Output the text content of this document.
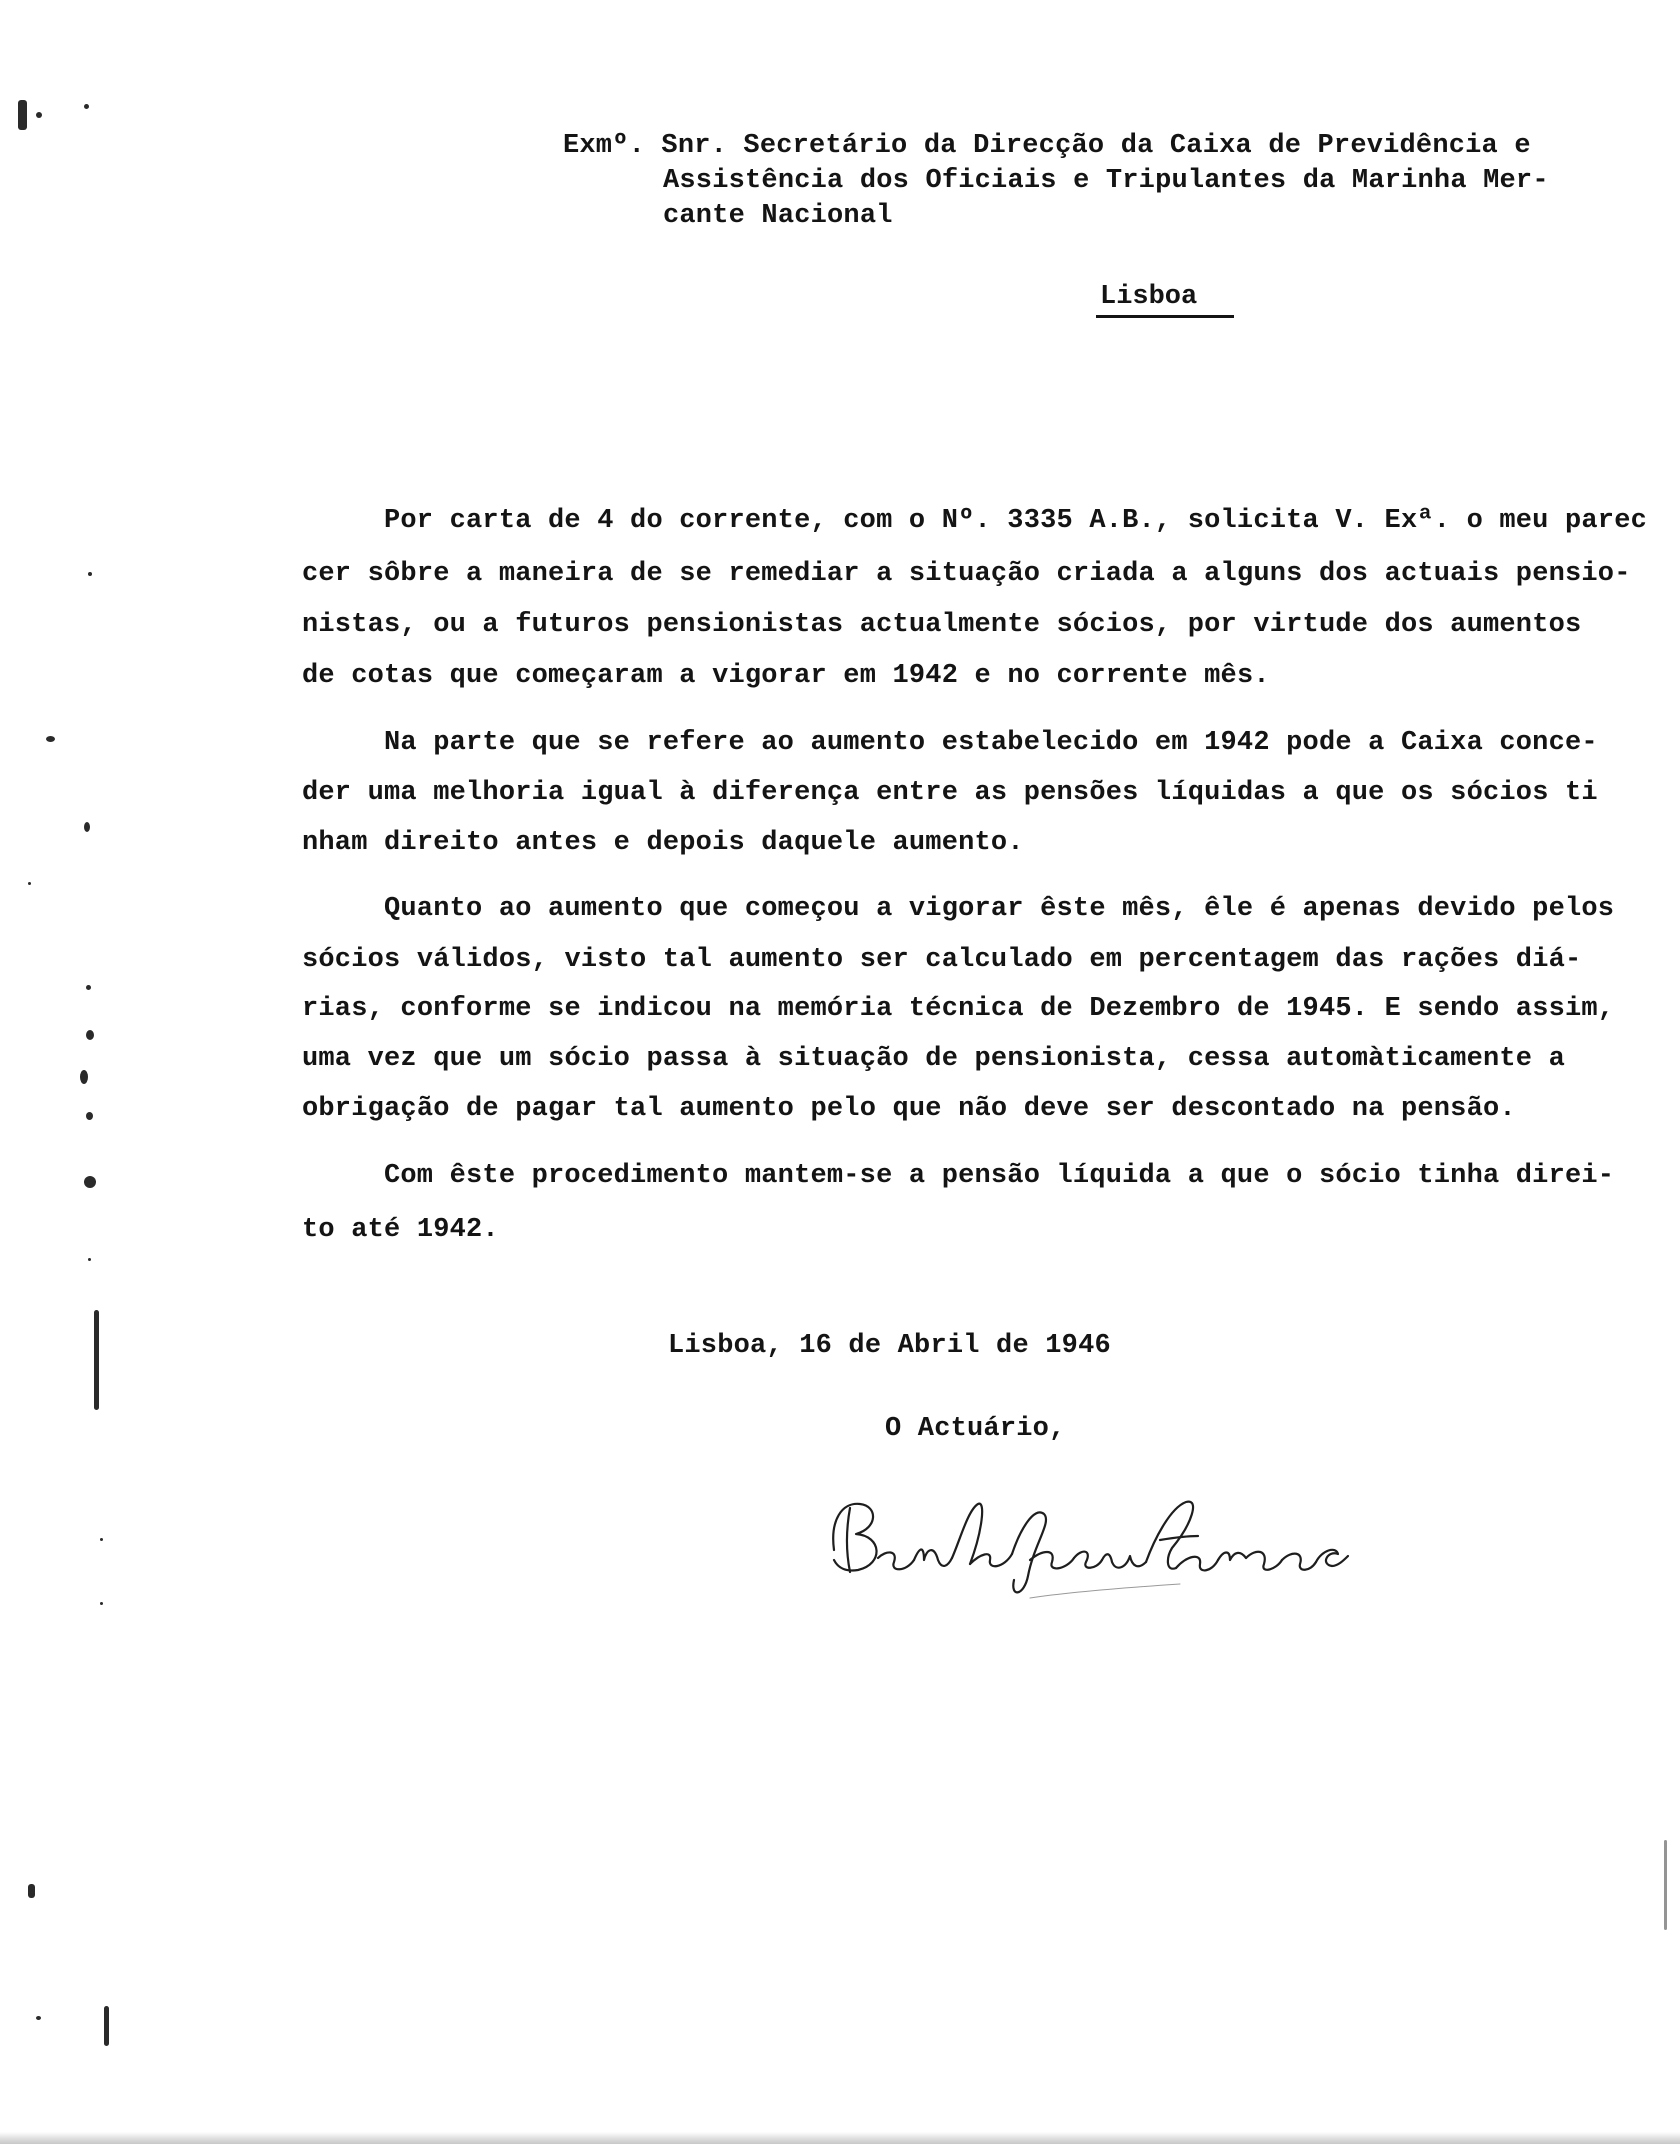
Exmº. Snr. Secretário da Direcção da Caixa de Previdência e
Assistência dos Oficiais e Tripulantes da Marinha Mer-
cante Nacional
Lisboa
Por carta de 4 do corrente, com o Nº. 3335 A.B., solicita V. Exª. o meu parec
cer sôbre a maneira de se remediar a situação criada a alguns dos actuais pensio-
nistas, ou a futuros pensionistas actualmente sócios, por virtude dos aumentos
de cotas que começaram a vigorar em 1942 e no corrente mês.
Na parte que se refere ao aumento estabelecido em 1942 pode a Caixa conce-
der uma melhoria igual à diferença entre as pensões líquidas a que os sócios ti
nham direito antes e depois daquele aumento.
Quanto ao aumento que começou a vigorar êste mês, êle é apenas devido pelos
sócios válidos, visto tal aumento ser calculado em percentagem das rações diá-
rias, conforme se indicou na memória técnica de Dezembro de 1945. E sendo assim,
uma vez que um sócio passa à situação de pensionista, cessa automàticamente a
obrigação de pagar tal aumento pelo que não deve ser descontado na pensão.
Com êste procedimento mantem-se a pensão líquida a que o sócio tinha direi-
to até 1942.
Lisboa, 16 de Abril de 1946
O Actuário,
